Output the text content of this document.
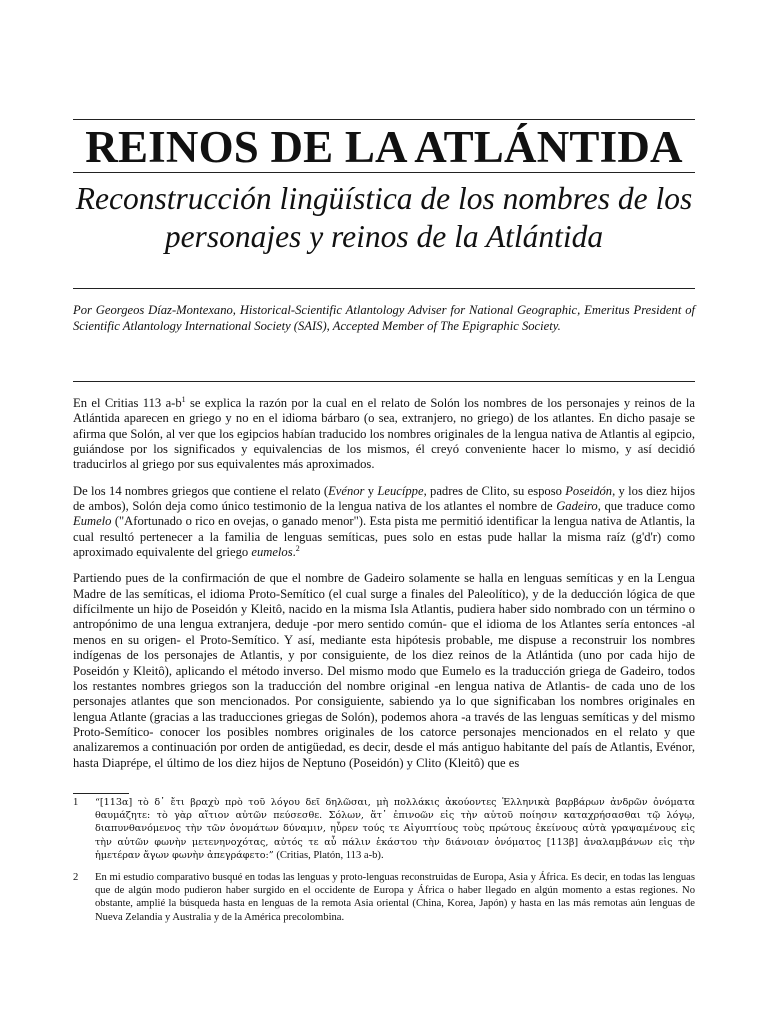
REINOS DE LA ATLÁNTIDA
Reconstrucción lingüística de los nombres de los personajes y reinos de la Atlántida
Por Georgeos Díaz-Montexano, Historical-Scientific Atlantology Adviser for National Geographic, Emeritus President of Scientific Atlantology International Society (SAIS), Accepted Member of The Epigraphic Society.

En el Critias 113 $a-b^1$ se explica la razón por la cual en el relato de Solón los nombres de los personajes y reinos de la Atlántida aparecen en griego y no en el idioma bárbaro (o sea, extranjero, no griego) de los atlantes. En dicho pasaje se afirma que Solón, al ver que los egipcios habían traducido los nombres originales de la lengua nativa de Atlantis al egipcio, guiándose por los significados y equivalencias de los mismos, él creyó conveniente hacer lo mismo, y así decidió traducirlos al griego por sus equivalentes más aproximados.

De los 14 nombres griegos que contiene el relato (Evénor y Leucíppe, padres de Clito, su esposo Poseidón, y los diez hijos de ambos), Solón deja como único testimonio de la lengua nativa de los atlantes el nombre de Gadeiro, que traduce como Eumelo ("Afortunado o rico en ovejas, o ganado menor"). Esta pista me permitió identificar la lengua nativa de Atlantis, la cual resultó pertenecer a la familia de lenguas semíticas, pues solo en estas pude hallar la misma raíz (g'd'r) como aproximado equivalente del griego eumelos.$^2$

Partiendo pues de la confirmación de que el nombre de Gadeiro solamente se halla en lenguas semíticas y en la Lengua Madre de las semíticas, el idioma Proto-Semítico (el cual surge a finales del Paleolítico), y de la deducción lógica de que difícilmente un hijo de Poseidón y Kleitô, nacido en la misma Isla Atlantis, pudiera haber sido nombrado con un término o antropónimo de una lengua extranjera, deduje -por mero sentido común- que el idioma de los Atlantes sería entonces -al menos en su origen- el Proto-Semítico. Y así, mediante esta hipótesis probable, me dispuse a reconstruir los nombres indígenas de los personajes de Atlantis, y por consiguiente, de los diez reinos de la Atlántida (uno por cada hijo de Poseidón y Kleitô), aplicando el método inverso. Del mismo modo que Eumelo es la traducción griega de Gadeiro, todos los restantes nombres griegos son la traducción del nombre original -en lengua nativa de Atlantis- de cada uno de los personajes atlantes que son mencionados. Por consiguiente, sabiendo ya lo que significaban los nombres originales en lengua Atlante (gracias a las traducciones griegas de Solón), podemos ahora -a través de las lenguas semíticas y del mismo Proto-Semítico- conocer los posibles nombres originales de los catorce personajes mencionados en el relato y que analizaremos a continuación por orden de antigüedad, es decir, desde el más antiguo habitante del país de Atlantis, Evénor, hasta Diaprépe, el último de los diez hijos de Neptuno (Poseidón) y Clito (Kleitô) que es

1	“[113α] τὸ δ᾽ ἔτι βραχὺ πρὸ τοῦ λόγου δεῖ δηλῶσαι, μὴ πολλάκις ἀκούοντες Ἑλληνικὰ βαρβάρων ἀνδρῶν ὀνόματα θαυμάζητε: τὸ γὰρ αἴτιον αὐτῶν πεύσεσθε. Σόλων, ἅτ᾽ ἐπινοῶν εἰς τὴν αὑτοῦ ποίησιν καταχρήσασθαι τῷ λόγῳ, διαπυνθανόμενος τὴν τῶν ὀνομάτων δύναμιν, ηὗρεν τούς τε Αἰγυπτίους τοὺς πρώτους ἐκείνους αὐτὰ γραψαμένους εἰς τὴν αὑτῶν φωνὴν μετενηνοχότας, αὐτός τε αὖ πάλιν ἑκάστου τὴν διάνοιαν ὀνόματος [113β] ἀναλαμβάνων εἰς τὴν ἡμετέραν ἄγων φωνὴν ἀπεγράφετο:” (Critias, Platón, 113 a-b).
2	En mi estudio comparativo busqué en todas las lenguas y proto-lenguas reconstruidas de Europa, Asia y África. Es decir, en todas las lenguas que de algún modo pudieron haber surgido en el occidente de Europa y África o haber llegado en algún momento a estas regiones. No obstante, amplié la búsqueda hasta en lenguas de la remota Asia oriental (China, Korea, Japón) y hasta en las más remotas aún lenguas de Nueva Zelandia y Australia y de la América precolombina.
